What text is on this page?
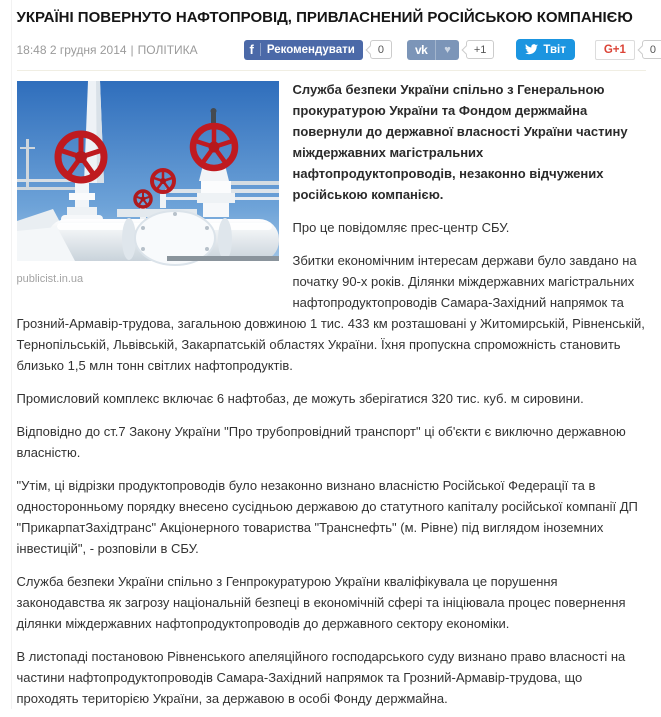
УКРАЇНІ ПОВЕРНУТО НАФТОПРОВІД, ПРИВЛАСНЕНИЙ РОСІЙСЬКОЮ КОМПАНІЄЮ
18:48 2 грудня 2014 | ПОЛІТИКА	f	Рекомендувати	0	vk	♥	+1	Твіт	G+1	0
publicist.in.ua

Служба безпеки України спільно з Генеральною прокуратурою України та Фондом держмайна повернули до державної власності України частину міждержавних магістральних нафтопродуктопроводів, незаконно відчужених російською компанією.

Про це повідомляє прес-центр СБУ.

Збитки економічним інтересам держави було завдано на початку 90-х років. Ділянки міждержавних магістральних нафтопродуктопроводів Самара-Західний напрямок та Грозний-Армавір-трудова, загальною довжиною 1 тис. 433 км розташовані у Житомирській, Рівненській, Тернопільській, Львівській, Закарпатській областях України. Їхня пропускна спроможність становить близько 1,5 млн тонн світлих нафтопродуктів.

Промисловий комплекс включає 6 нафтобаз, де можуть зберігатися 320 тис. куб. м сировини.

Відповідно до ст.7 Закону України "Про трубопровідний транспорт" ці об'єкти є виключно державною власністю.

"Утім, ці відрізки продуктопроводів було незаконно визнано власністю Російської Федерації та в односторонньому порядку внесено сусідньою державою до статутного капіталу російської компанії ДП "ПрикарпатЗахідтранс" Акціонерного товариства "Транснефть" (м. Рівне) під виглядом іноземних інвестицій", - розповіли в СБУ.

Служба безпеки України спільно з Генпрокуратурою України кваліфікувала це порушення законодавства як загрозу національній безпеці в економічній сфері та ініціювала процес повернення ділянки міждержавних нафтопродуктопроводів до державного сектору економіки.

В листопаді постановою Рівненського апеляційного господарського суду визнано право власності на частини нафтопродуктопроводів Самара-Західний напрямок та Грозний-Армавір-трудова, що проходять територією України, за державою в особі Фонду держмайна.
